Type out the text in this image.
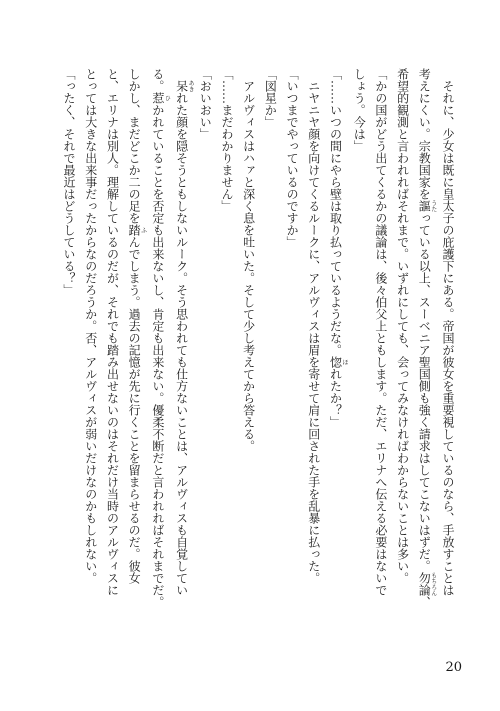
それに、少女は既に皇太子の庇護下にある。帝国が彼女を重要視しているのなら、手放すことは
考えにくい。宗教国家を謳うたっている以上、スーベニア聖国側も強く請求はしてこないはずだ。勿論もちろん、
希望的観測と言われればそれまで。いずれにしても、会ってみなければわからないことは多い。
「かの国がどう出てくるかの議論は、後々伯父上ともします。ただ、エリナへ伝える必要はないで
しょう。今は」
「……いつの間にやら壁は取り払っているようだな。惚ほれたか？」
ニヤニヤ顔を向けてくるルークに、アルヴィスは眉を寄せて肩に回された手を乱暴に払った。
「いつまでやっているのですか」
「図星か」
アルヴィスはハァと深く息を吐いた。そして少し考えてから答える。
「……まだわかりません」
「おいおい」
呆あきれた顔を隠そうともしないルーク。そう思われても仕方ないことは、アルヴィスも自覚してい
る。惹ひかれていることを否定も出来ないし、肯定も出来ない。優柔不断だと言われればそれまでだ。
しかし、まだどこか二の足を踏ふんでしまう。過去の記憶が先に行くことを留まらせるのだ。彼女
と、エリナは別人。理解しているのだが、それでも踏み出せないのはそれだけ当時のアルヴィスに
とっては大きな出来事だったからなのだろうか。否、アルヴィスが弱いだけなのかもしれない。
「ったく、それで最近はどうしている？」
20
